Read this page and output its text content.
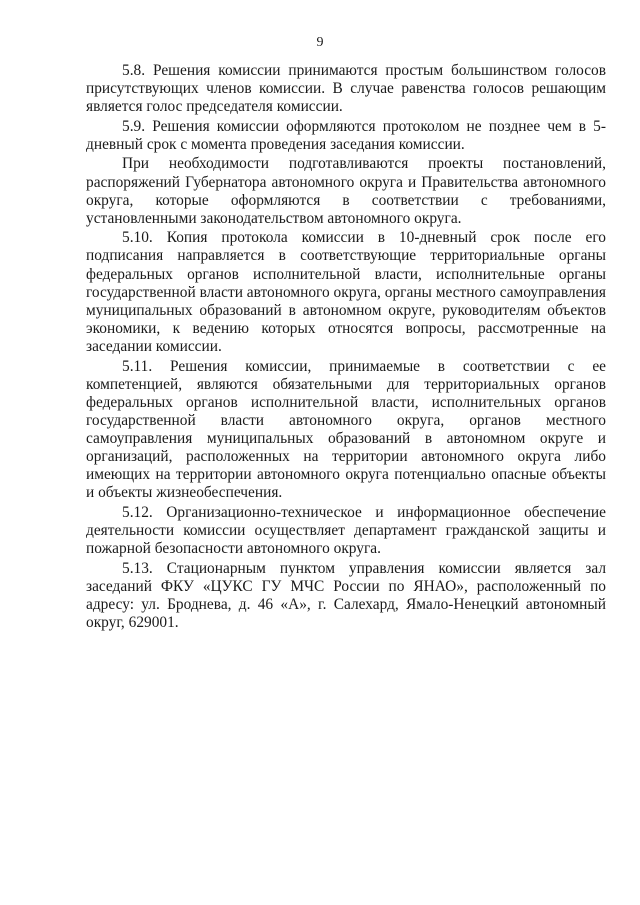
9

5.8. Решения комиссии принимаются простым большинством голосов присутствующих членов комиссии. В случае равенства голосов решающим является голос председателя комиссии.

5.9. Решения комиссии оформляются протоколом не позднее чем в 5-дневный срок с момента проведения заседания комиссии.

При необходимости подготавливаются проекты постановлений, распоряжений Губернатора автономного округа и Правительства автономного округа, которые оформляются в соответствии с требованиями, установленными законодательством автономного округа.

5.10. Копия протокола комиссии в 10-дневный срок после его подписания направляется в соответствующие территориальные органы федеральных органов исполнительной власти, исполнительные органы государственной власти автономного округа, органы местного самоуправления муниципальных образований в автономном округе, руководителям объектов экономики, к ведению которых относятся вопросы, рассмотренные на заседании комиссии.

5.11. Решения комиссии, принимаемые в соответствии с ее компетенцией, являются обязательными для территориальных органов федеральных органов исполнительной власти, исполнительных органов государственной власти автономного округа, органов местного самоуправления муниципальных образований в автономном округе и организаций, расположенных на территории автономного округа либо имеющих на территории автономного округа потенциально опасные объекты и объекты жизнеобеспечения.

5.12. Организационно-техническое и информационное обеспечение деятельности комиссии осуществляет департамент гражданской защиты и пожарной безопасности автономного округа.

5.13. Стационарным пунктом управления комиссии является зал заседаний ФКУ «ЦУКС ГУ МЧС России по ЯНАО», расположенный по адресу: ул. Броднева, д. 46 «А», г. Салехард, Ямало-Ненецкий автономный округ, 629001.
